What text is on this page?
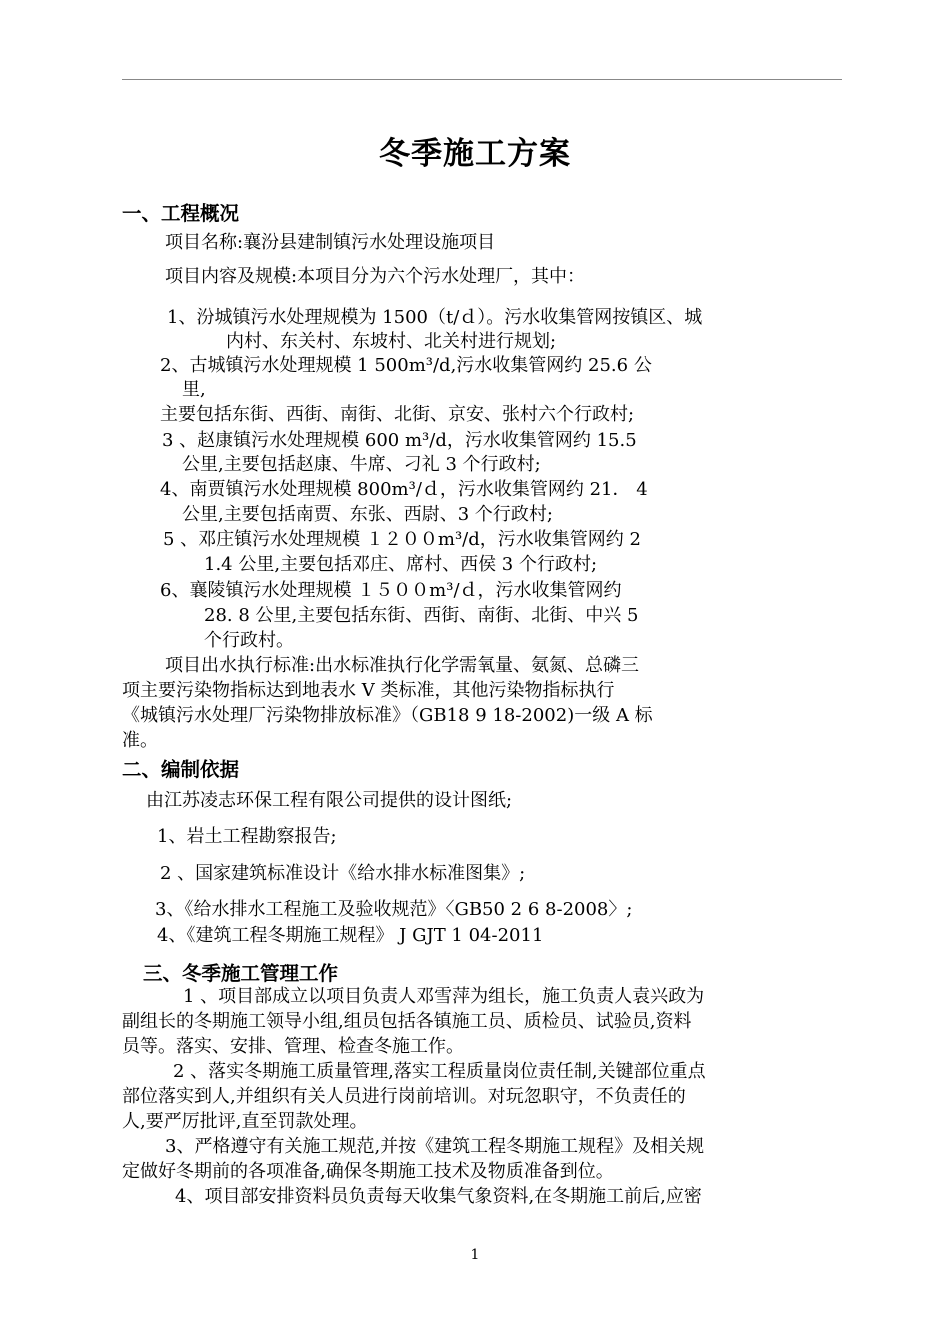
冬季施工方案
一、工程概况
项目名称:襄汾县建制镇污水处理设施项目
项目内容及规模:本项目分为六个污水处理厂，其中：
1、汾城镇污水处理规模为 1500（t/ｄ）。污水收集管网按镇区、城
内村、东关村、东坡村、北关村进行规划;
2、古城镇污水处理规模 1 500m³/d,污水收集管网约 25.6 公
里,
主要包括东街、西街、南街、北街、京安、张村六个行政村;
3 、赵康镇污水处理规模 600 m³/d，污水收集管网约 15.5
公里,主要包括赵康、牛席、刁礼 3 个行政村;
4、南贾镇污水处理规模 800m³/ｄ，污水收集管网约 21． 4
公里,主要包括南贾、东张、西尉、3 个行政村;
5 、邓庄镇污水处理规模 １２００m³/d，污水收集管网约 2
1.4 公里,主要包括邓庄、席村、西侯 3 个行政村;
6、襄陵镇污水处理规模 １５００m³/ｄ，污水收集管网约
28. 8 公里,主要包括东街、西街、南街、北街、中兴 5
个行政村。
项目出水执行标准:出水标准执行化学需氧量、氨氮、总磷三
项主要污染物指标达到地表水 V 类标准，其他污染物指标执行
《城镇污水处理厂污染物排放标准》（GB18 9 18-2002)一级 A 标
准。
二、编制依据
由江苏凌志环保工程有限公司提供的设计图纸;
1、岩土工程勘察报告;
2 、国家建筑标准设计《给水排水标准图集》;
3、《给水排水工程施工及验收规范》〈GB50 2 6 8-2008〉;
4、《建筑工程冬期施工规程》 J GJT 1 04-2011
三、冬季施工管理工作
1 、项目部成立以项目负责人邓雪萍为组长，施工负责人袁兴政为
副组长的冬期施工领导小组,组员包括各镇施工员、质检员、试验员,资料
员等。落实、安排、管理、检查冬施工作。
2 、落实冬期施工质量管理,落实工程质量岗位责任制,关键部位重点
部位落实到人,并组织有关人员进行岗前培训。对玩忽职守，不负责任的
人,要严厉批评,直至罚款处理。
3、严格遵守有关施工规范,并按《建筑工程冬期施工规程》及相关规
定做好冬期前的各项准备,确保冬期施工技术及物质准备到位。
4、项目部安排资料员负责每天收集气象资料,在冬期施工前后,应密
1
